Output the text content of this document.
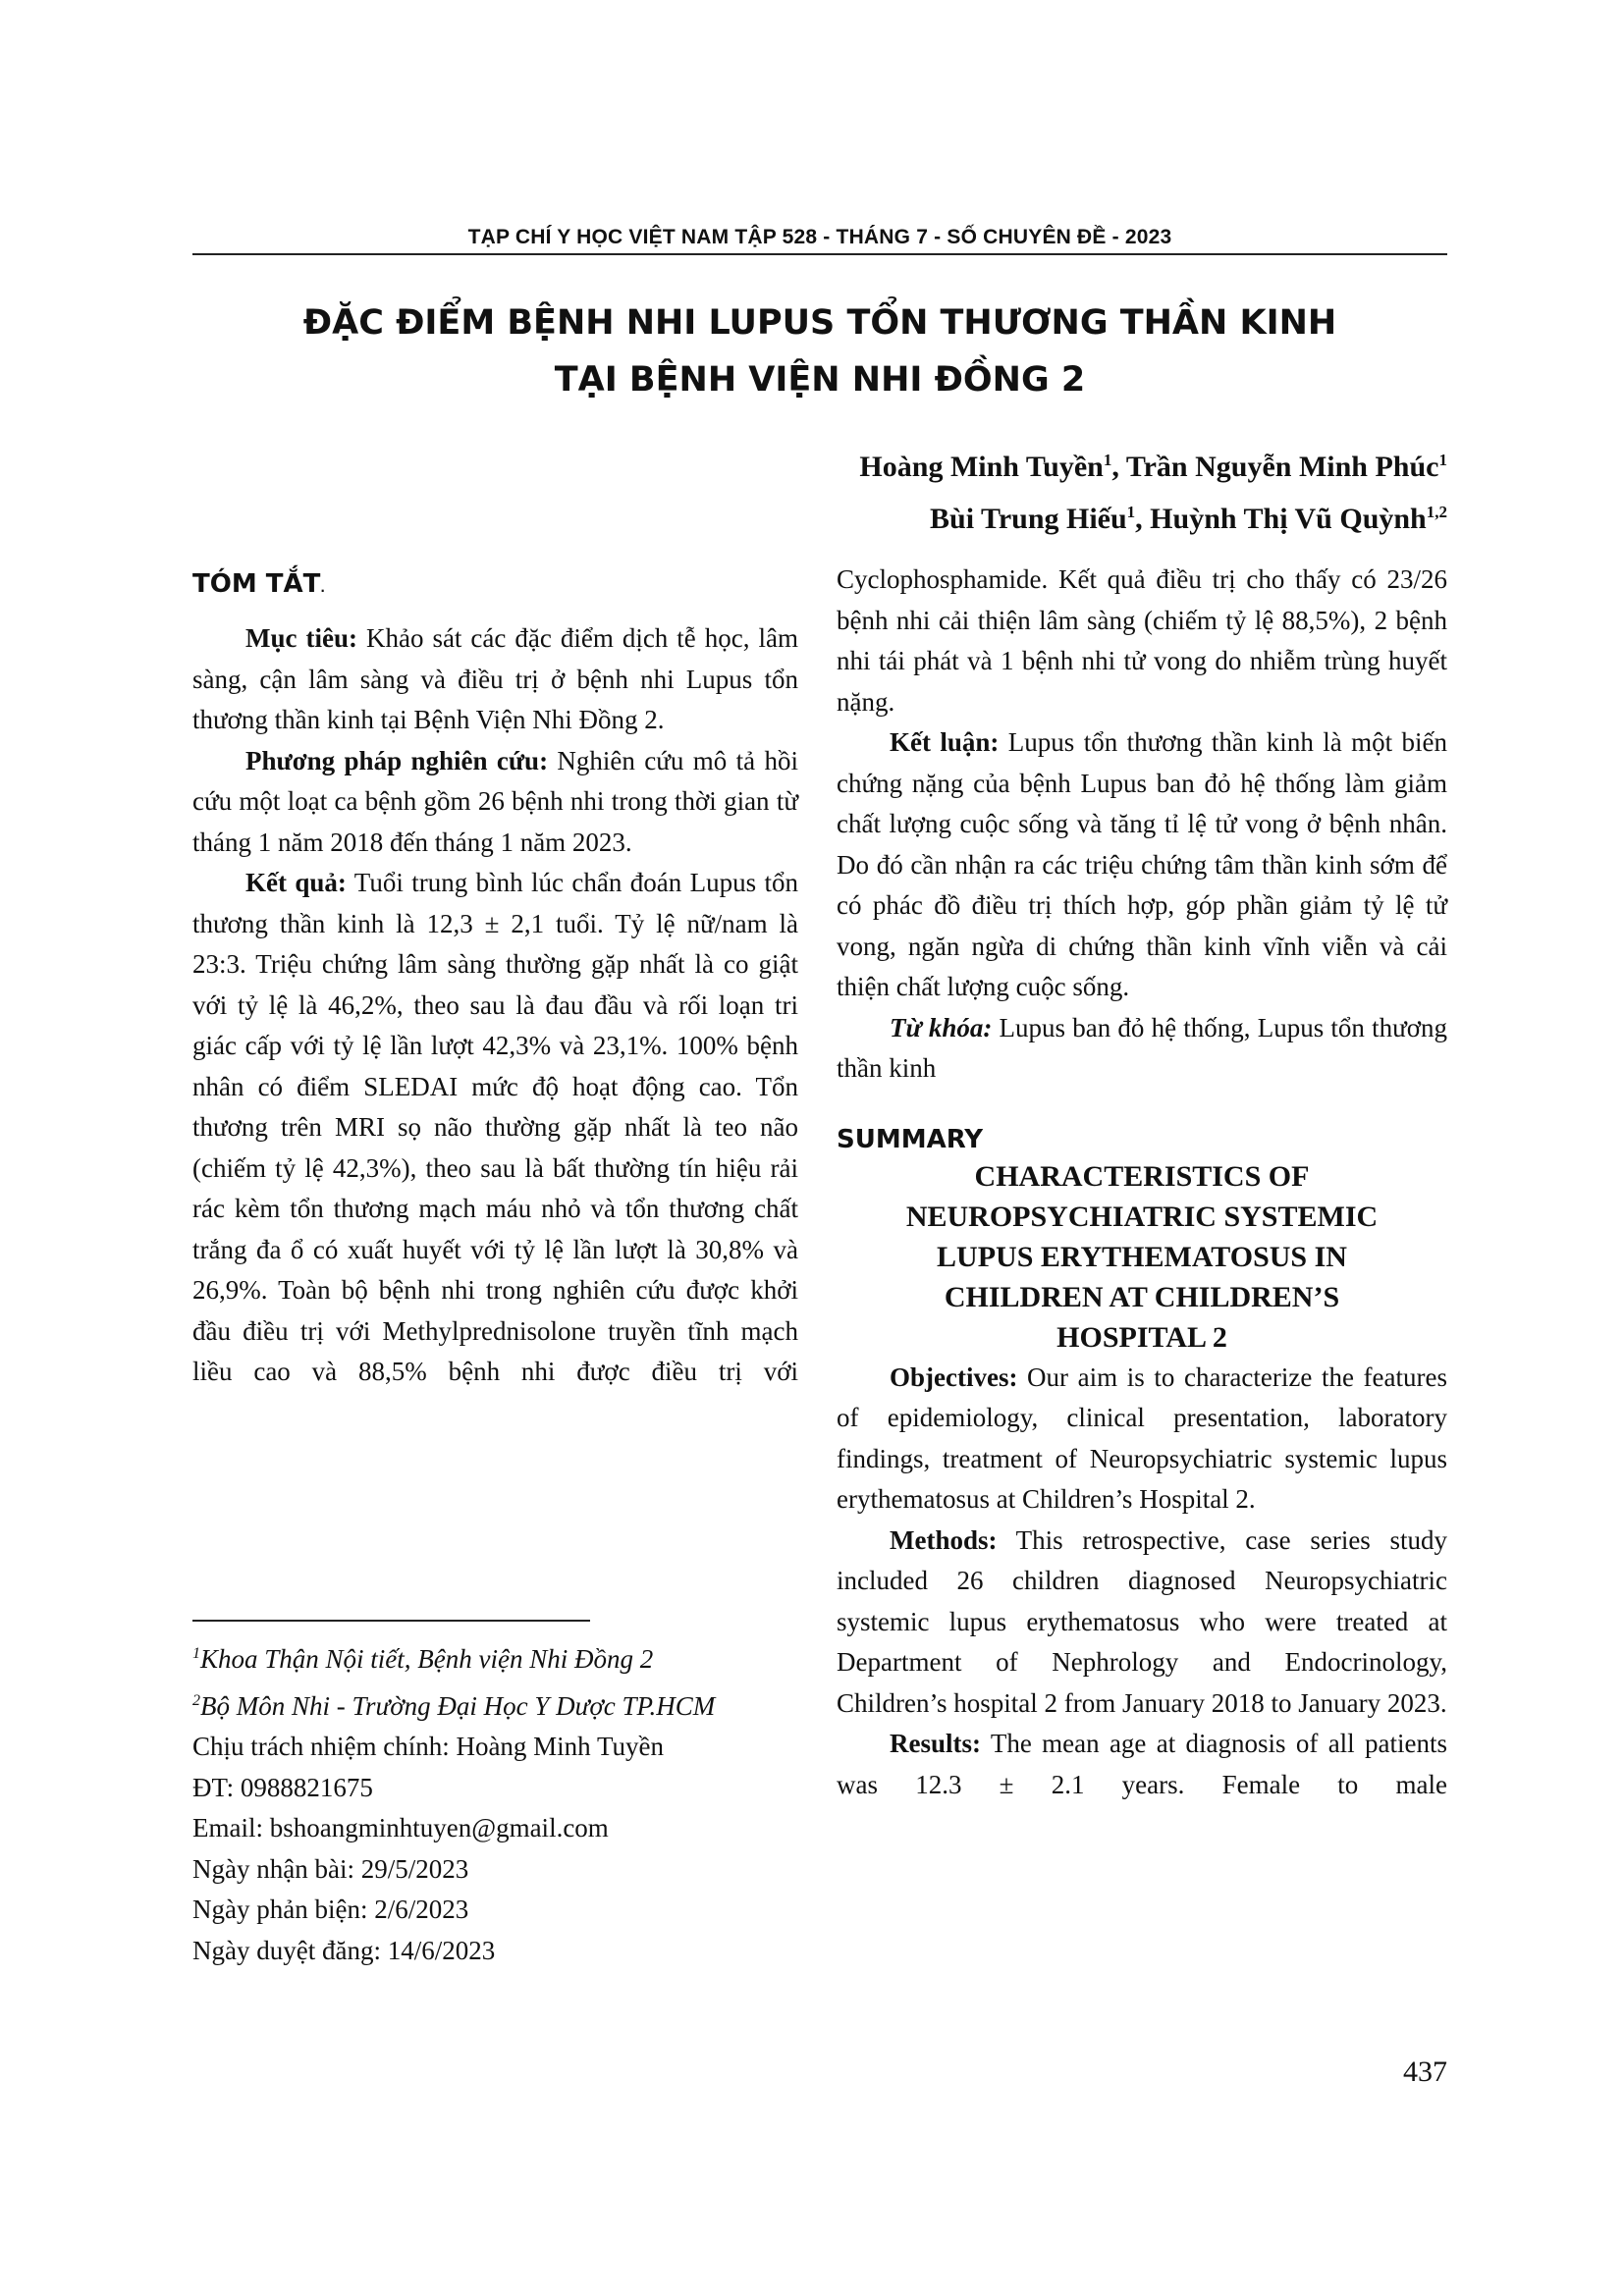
TẠP CHÍ Y HỌC VIỆT NAM TẬP 528 - THÁNG 7 - SỐ CHUYÊN ĐỀ - 2023
ĐẶC ĐIỂM BỆNH NHI LUPUS TỔN THƯƠNG THẦN KINH
TẠI BỆNH VIỆN NHI ĐỒNG 2
Hoàng Minh Tuyền$^1$, Trần Nguyễn Minh Phúc$^1$
Bùi Trung Hiếu$^1$, Huỳnh Thị Vũ Quỳnh$^{1,2}$
TÓM TẮT.

Mục tiêu: Khảo sát các đặc điểm dịch tễ học, lâm sàng, cận lâm sàng và điều trị ở bệnh nhi Lupus tổn thương thần kinh tại Bệnh Viện Nhi Đồng 2.

Phương pháp nghiên cứu: Nghiên cứu mô tả hồi cứu một loạt ca bệnh gồm 26 bệnh nhi trong thời gian từ tháng 1 năm 2018 đến tháng 1 năm 2023.

Kết quả: Tuổi trung bình lúc chẩn đoán Lupus tổn thương thần kinh là 12,3 ± 2,1 tuổi. Tỷ lệ nữ/nam là 23:3. Triệu chứng lâm sàng thường gặp nhất là co giật với tỷ lệ là 46,2%, theo sau là đau đầu và rối loạn tri giác cấp với tỷ lệ lần lượt 42,3% và 23,1%. 100% bệnh nhân có điểm SLEDAI mức độ hoạt động cao. Tổn thương trên MRI sọ não thường gặp nhất là teo não (chiếm tỷ lệ 42,3%), theo sau là bất thường tín hiệu rải rác kèm tổn thương mạch máu nhỏ và tổn thương chất trắng đa ổ có xuất huyết với tỷ lệ lần lượt là 30,8% và 26,9%. Toàn bộ bệnh nhi trong nghiên cứu được khởi đầu điều trị với Methylprednisolone truyền tĩnh mạch liều cao và 88,5% bệnh nhi được điều trị với

$^1$Khoa Thận Nội tiết, Bệnh viện Nhi Đồng 2

$^2$Bộ Môn Nhi - Trường Đại Học Y Dược TP.HCM

Chịu trách nhiệm chính: Hoàng Minh Tuyền

ĐT: 0988821675

Email: bshoangminhtuyen@gmail.com

Ngày nhận bài: 29/5/2023

Ngày phản biện: 2/6/2023

Ngày duyệt đăng: 14/6/2023

Cyclophosphamide. Kết quả điều trị cho thấy có 23/26 bệnh nhi cải thiện lâm sàng (chiếm tỷ lệ 88,5%), 2 bệnh nhi tái phát và 1 bệnh nhi tử vong do nhiễm trùng huyết nặng.

Kết luận: Lupus tổn thương thần kinh là một biến chứng nặng của bệnh Lupus ban đỏ hệ thống làm giảm chất lượng cuộc sống và tăng tỉ lệ tử vong ở bệnh nhân. Do đó cần nhận ra các triệu chứng tâm thần kinh sớm để có phác đồ điều trị thích hợp, góp phần giảm tỷ lệ tử vong, ngăn ngừa di chứng thần kinh vĩnh viễn và cải thiện chất lượng cuộc sống.

Từ khóa: Lupus ban đỏ hệ thống, Lupus tổn thương thần kinh

SUMMARY

CHARACTERISTICS OF

NEUROPSYCHIATRIC SYSTEMIC

LUPUS ERYTHEMATOSUS IN

CHILDREN AT CHILDREN’S

HOSPITAL 2

Objectives: Our aim is to characterize the features of epidemiology, clinical presentation, laboratory findings, treatment of Neuropsychiatric systemic lupus erythematosus at Children’s Hospital 2.

Methods: This retrospective, case series study included 26 children diagnosed Neuropsychiatric systemic lupus erythematosus who were treated at Department of Nephrology and Endocrinology, Children’s hospital 2 from January 2018 to January 2023.

Results: The mean age at diagnosis of all patients was 12.3 ± 2.1 years. Female to male

437
